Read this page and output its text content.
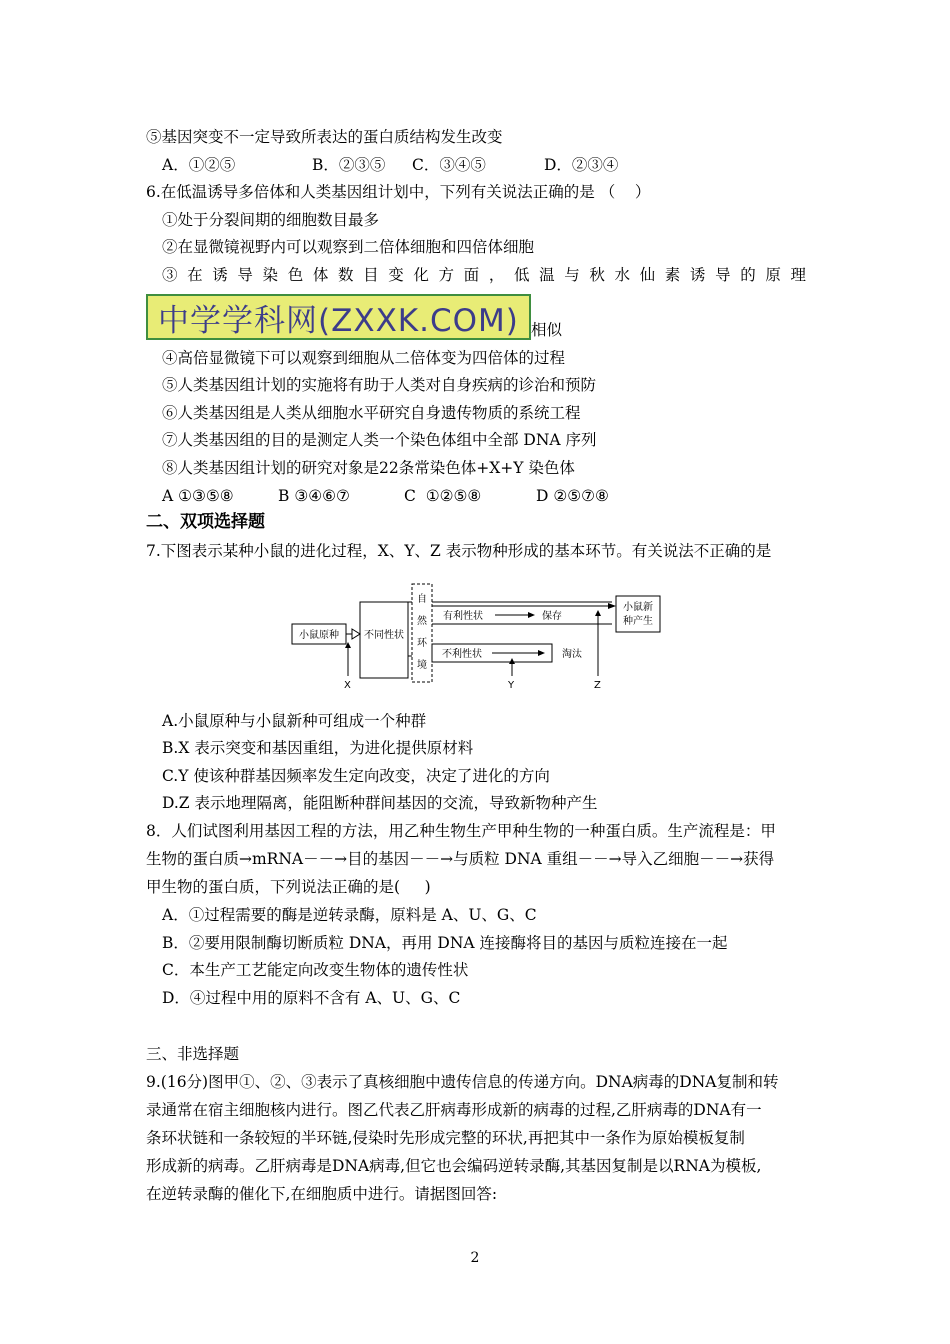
⑤基因突变不一定导致所表达的蛋白质结构发生改变
A．①②⑤	B．②③⑤ C．③④⑤	D．②③④
6.在低温诱导多倍体和人类基因组计划中，下列有关说法正确的是 （    ）
①处于分裂间期的细胞数目最多
②在显微镜视野内可以观察到二倍体细胞和四倍体细胞
③ 在 诱 导 染 色 体 数 目 变 化 方 面 ， 低 温 与 秋 水 仙 素 诱 导 的 原 理
中学学科网(ZXXK.COM) 相似
④高倍显微镜下可以观察到细胞从二倍体变为四倍体的过程
⑤人类基因组计划的实施将有助于人类对自身疾病的诊治和预防
⑥人类基因组是人类从细胞水平研究自身遗传物质的系统工程
⑦人类基因组的目的是测定人类一个染色体组中全部 DNA 序列
⑧人类基因组计划的研究对象是22条常染色体+X+Y 染色体
A ①③⑤⑧	B ③④⑥⑦	C  ①②⑤⑧	D ②⑤⑦⑧
二、双项选择题
7.下图表示某种小鼠的进化过程，X、Y、Z 表示物种形成的基本环节。有关说法不正确的是
小鼠原种	不同性状
自
然
环
境
有利性状	保存
小鼠新
种产生
不利性状	淘汰
X	Y	Z
A.小鼠原种与小鼠新种可组成一个种群
B.X 表示突变和基因重组，为进化提供原材料
C.Y 使该种群基因频率发生定向改变，决定了进化的方向
D.Z 表示地理隔离，能阻断种群间基因的交流，导致新物种产生
8．人们试图利用基因工程的方法，用乙种生物生产甲种生物的一种蛋白质。生产流程是：甲
生物的蛋白质→mRNA－－→目的基因－－→与质粒 DNA 重组－－→导入乙细胞－－→获得
甲生物的蛋白质，下列说法正确的是(     )
A．①过程需要的酶是逆转录酶，原料是 A、U、G、C
B．②要用限制酶切断质粒 DNA，再用 DNA 连接酶将目的基因与质粒连接在一起
C．本生产工艺能定向改变生物体的遗传性状
D．④过程中用的原料不含有 A、U、G、C
三、非选择题
9.(16分)图甲①、②、③表示了真核细胞中遗传信息的传递方向。DNA病毒的DNA复制和转
录通常在宿主细胞核内进行。图乙代表乙肝病毒形成新的病毒的过程,乙肝病毒的DNA有一
条环状链和一条较短的半环链,侵染时先形成完整的环状,再把其中一条作为原始模板复制
形成新的病毒。乙肝病毒是DNA病毒,但它也会编码逆转录酶,其基因复制是以RNA为模板,
在逆转录酶的催化下,在细胞质中进行。请据图回答:
2
